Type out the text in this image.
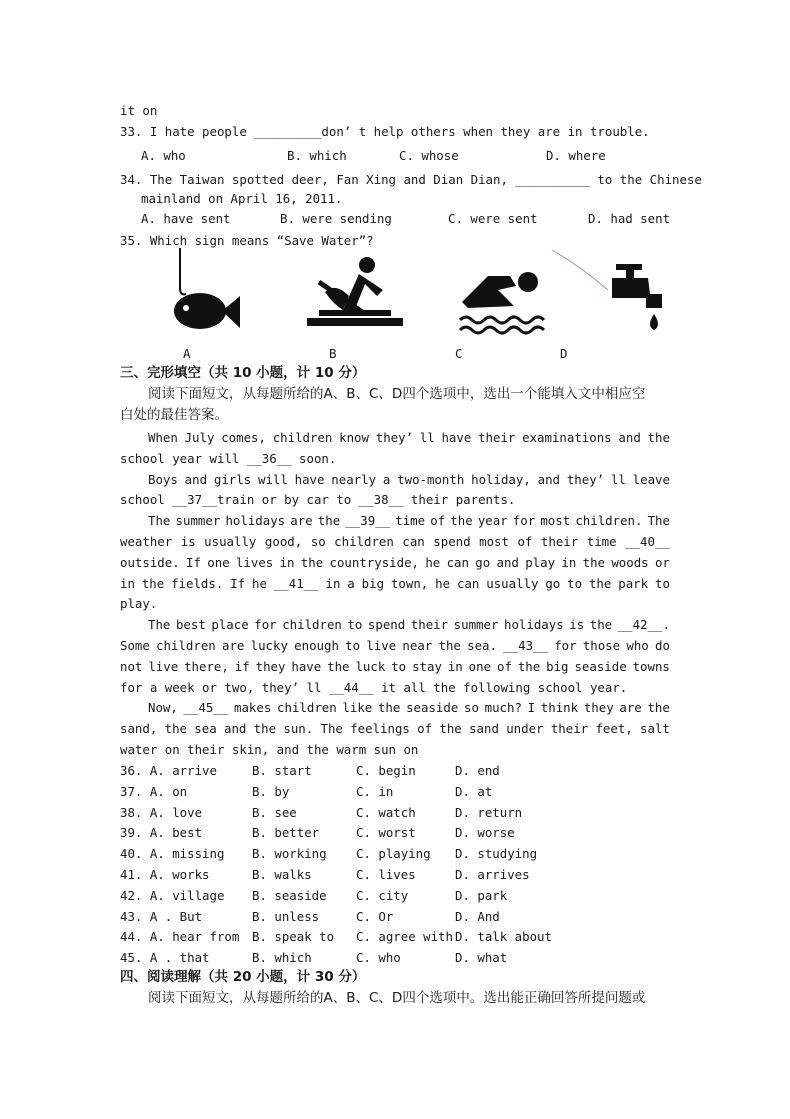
it on
33. I hate people _________don’ t help others when they are in trouble.
A. who	B. which	C. whose	D. where
34. The Taiwan spotted deer, Fan Xing and Dian Dian, __________ to the Chinese
mainland on April 16, 2011.
A. have sent	B. were sending	C. were sent	D. had sent
35. Which sign means “Save Water”?
A	B	C	D
三、完形填空（共 10 小题，计 10 分）
阅读下面短文，从每题所给的A、B、C、D四个选项中，选出一个能填入文中相应空
白处的最佳答案。
When July comes, children know they’ ll have their examinations and the
school year will __36__ soon.
Boys and girls will have nearly a two-month holiday, and they’ ll leave
school __37__train or by car to __38__ their parents.
The summer holidays are the __39__ time of the year for most children. The
weather is usually good, so children can spend most of their time __40__
outside. If one lives in the countryside, he can go and play in the woods or
in the fields. If he __41__ in a big town, he can usually go to the park to
play.
The best place for children to spend their summer holidays is the __42__.
Some children are lucky enough to live near the sea. __43__ for those who do
not live there, if they have the luck to stay in one of the big seaside towns
for a week or two, they’ ll __44__ it all the following school year.
Now, __45__ makes children like the seaside so much? I think they are the
sand, the sea and the sun. The feelings of the sand under their feet, salt
water on their skin, and the warm sun on
36. A. arrive	B. start	C. begin	D. end
37. A. on	B. by	C. in	D. at
38. A. love	B. see	C. watch	D. return
39. A. best	B. better	C. worst	D. worse
40. A. missing B. working C. playing D. studying
41. A. works	B. walks	C. lives	D. arrives
42. A. village B. seaside C. city	D. park
43. A . But	B. unless	C. Or	D. And
44. A. hear from B. speak to C. agree with D. talk about
45. A . that	B. which	C. who	D. what
四、阅读理解（共 20 小题，计 30 分）
阅读下面短文，从每题所给的A、B、C、D四个选项中。选出能正确回答所提问题或
